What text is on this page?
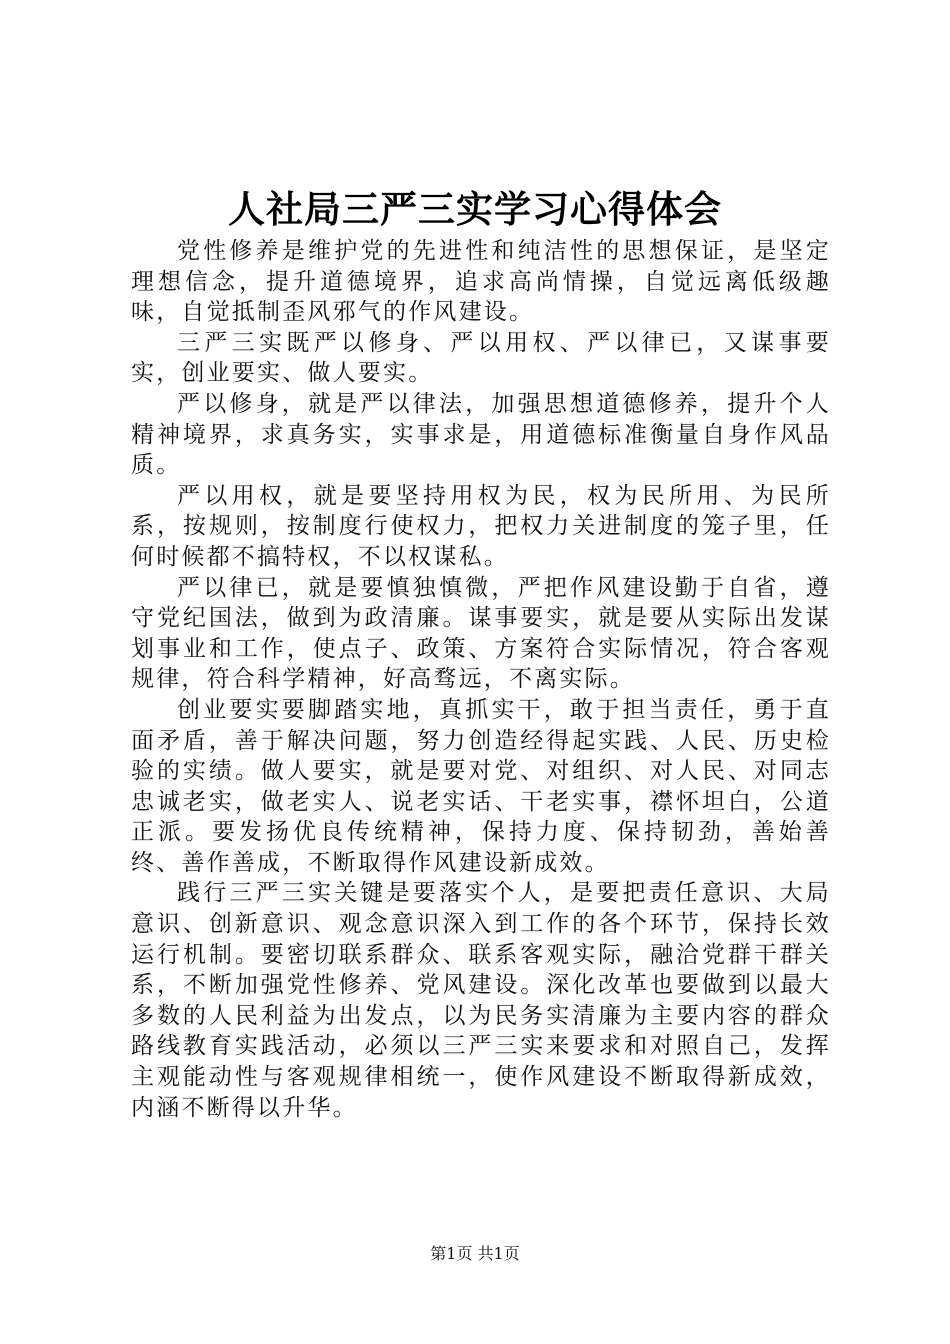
人社局三严三实学习心得体会

党性修养是维护党的先进性和纯洁性的思想保证，是坚定理想信念，提升道德境界，追求高尚情操，自觉远离低级趣味，自觉抵制歪风邪气的作风建设。

三严三实既严以修身、严以用权、严以律已，又谋事要实，创业要实、做人要实。

严以修身，就是严以律法，加强思想道德修养，提升个人精神境界，求真务实，实事求是，用道德标准衡量自身作风品质。

严以用权，就是要坚持用权为民，权为民所用、为民所系，按规则，按制度行使权力，把权力关进制度的笼子里，任何时候都不搞特权，不以权谋私。

严以律已，就是要慎独慎微，严把作风建设勤于自省，遵守党纪国法，做到为政清廉。谋事要实，就是要从实际出发谋划事业和工作，使点子、政策、方案符合实际情况，符合客观规律，符合科学精神，好高骛远，不离实际。

创业要实要脚踏实地，真抓实干，敢于担当责任，勇于直面矛盾，善于解决问题，努力创造经得起实践、人民、历史检验的实绩。做人要实，就是要对党、对组织、对人民、对同志忠诚老实，做老实人、说老实话、干老实事，襟怀坦白，公道正派。要发扬优良传统精神，保持力度、保持韧劲，善始善终、善作善成，不断取得作风建设新成效。

践行三严三实关键是要落实个人，是要把责任意识、大局意识、创新意识、观念意识深入到工作的各个环节，保持长效运行机制。要密切联系群众、联系客观实际，融洽党群干群关系，不断加强党性修养、党风建设。深化改革也要做到以最大多数的人民利益为出发点，以为民务实清廉为主要内容的群众路线教育实践活动，必须以三严三实来要求和对照自己，发挥主观能动性与客观规律相统一，使作风建设不断取得新成效，内涵不断得以升华。

第1页 共1页
